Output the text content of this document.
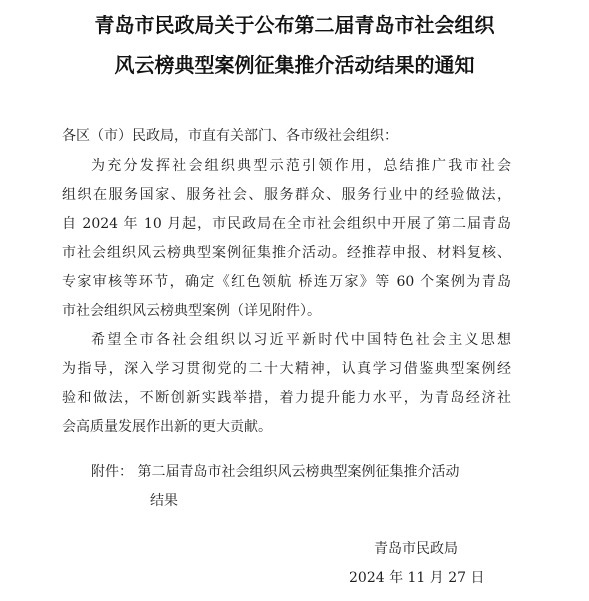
青岛市民政局关于公布第二届青岛市社会组织
风云榜典型案例征集推介活动结果的通知

各区（市）民政局，市直有关部门、各市级社会组织：

为充分发挥社会组织典型示范引领作用，总结推广我市社会

组织在服务国家、服务社会、服务群众、服务行业中的经验做法，

自 2024 年 10 月起，市民政局在全市社会组织中开展了第二届青岛

市社会组织风云榜典型案例征集推介活动。经推荐申报、材料复核、

专家审核等环节，确定《红色领航 桥连万家》等 60 个案例为青岛

市社会组织风云榜典型案例（详见附件）。

希望全市各社会组织以习近平新时代中国特色社会主义思想

为指导，深入学习贯彻党的二十大精神，认真学习借鉴典型案例经

验和做法，不断创新实践举措，着力提升能力水平，为青岛经济社

会高质量发展作出新的更大贡献。

附件： 第二届青岛市社会组织风云榜典型案例征集推介活动

结果

青岛市民政局

2024 年 11 月 27 日
